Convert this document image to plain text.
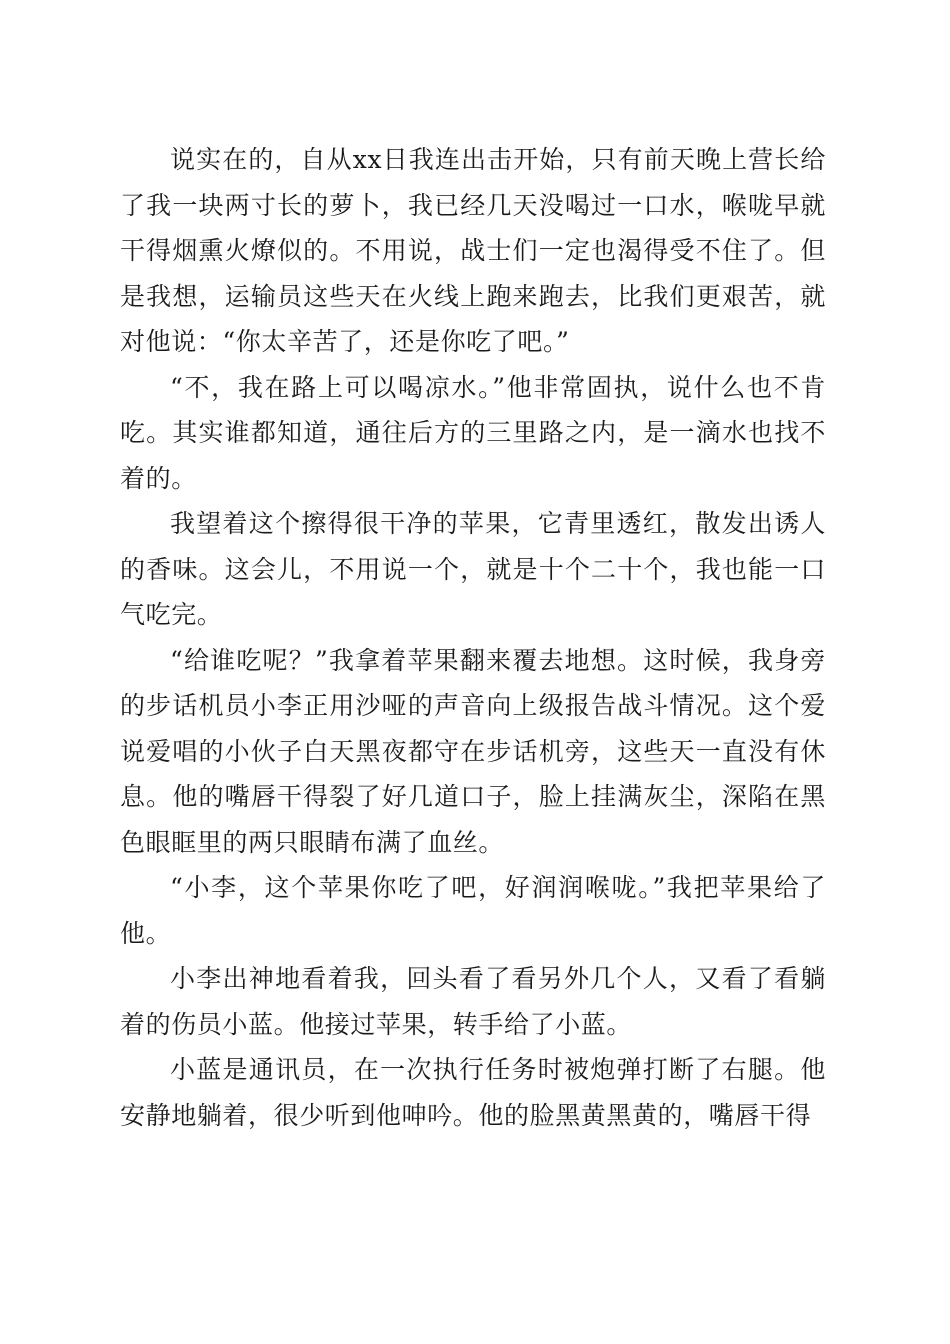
说实在的，自从xx日我连出击开始，只有前天晚上营长给了我一块两寸长的萝卜，我已经几天没喝过一口水，喉咙早就干得烟熏火燎似的。不用说，战士们一定也渴得受不住了。但是我想，运输员这些天在火线上跑来跑去，比我们更艰苦，就对他说：“你太辛苦了，还是你吃了吧。”

“不，我在路上可以喝凉水。”他非常固执，说什么也不肯吃。其实谁都知道，通往后方的三里路之内，是一滴水也找不着的。

我望着这个擦得很干净的苹果，它青里透红，散发出诱人的香味。这会儿，不用说一个，就是十个二十个，我也能一口气吃完。

“给谁吃呢？”我拿着苹果翻来覆去地想。这时候，我身旁的步话机员小李正用沙哑的声音向上级报告战斗情况。这个爱说爱唱的小伙子白天黑夜都守在步话机旁，这些天一直没有休息。他的嘴唇干得裂了好几道口子，脸上挂满灰尘，深陷在黑色眼眶里的两只眼睛布满了血丝。

“小李，这个苹果你吃了吧，好润润喉咙。”我把苹果给了他。

小李出神地看着我，回头看了看另外几个人，又看了看躺着的伤员小蓝。他接过苹果，转手给了小蓝。

小蓝是通讯员，在一次执行任务时被炮弹打断了右腿。他安静地躺着，很少听到他呻吟。他的脸黑黄黑黄的，嘴唇干得
